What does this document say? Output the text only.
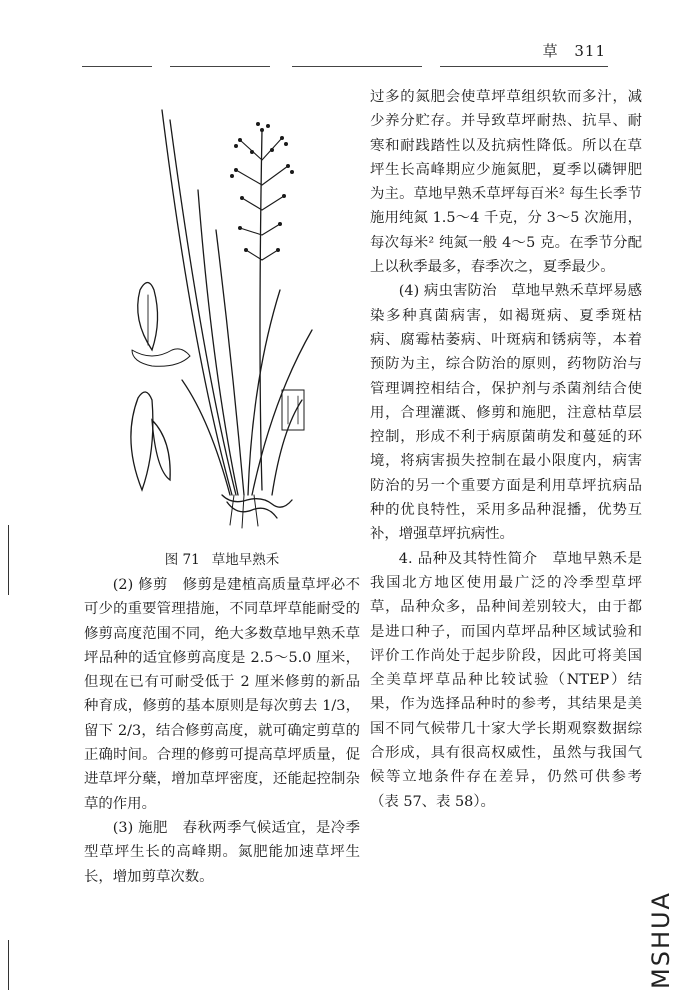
草 311
图 71 草地早熟禾

(2) 修剪　修剪是建植高质量草坪必不可少的重要管理措施，不同草坪草能耐受的修剪高度范围不同，绝大多数草地早熟禾草坪品种的适宜修剪高度是 2.5～5.0 厘米，但现在已有可耐受低于 2 厘米修剪的新品种育成，修剪的基本原则是每次剪去 1/3，留下 2/3，结合修剪高度，就可确定剪草的正确时间。合理的修剪可提高草坪质量，促进草坪分蘖，增加草坪密度，还能起控制杂草的作用。

(3) 施肥　春秋两季气候适宜，是冷季型草坪生长的高峰期。氮肥能加速草坪生长，增加剪草次数。

过多的氮肥会使草坪草组织软而多汁，减少养分贮存。并导致草坪耐热、抗旱、耐寒和耐践踏性以及抗病性降低。所以在草坪生长高峰期应少施氮肥，夏季以磷钾肥为主。草地早熟禾草坪每百米² 每生长季节施用纯氮 1.5～4 千克，分 3～5 次施用，每次每米² 纯氮一般 4～5 克。在季节分配上以秋季最多，春季次之，夏季最少。

(4) 病虫害防治　草地早熟禾草坪易感染多种真菌病害，如褐斑病、夏季斑枯病、腐霉枯萎病、叶斑病和锈病等，本着预防为主，综合防治的原则，药物防治与管理调控相结合，保护剂与杀菌剂结合使用，合理灌溉、修剪和施肥，注意枯草层控制，形成不利于病原菌萌发和蔓延的环境，将病害损失控制在最小限度内，病害防治的另一个重要方面是利用草坪抗病品种的优良特性，采用多品种混播，优势互补，增强草坪抗病性。

4. 品种及其特性简介　草地早熟禾是我国北方地区使用最广泛的冷季型草坪草，品种众多，品种间差别较大，由于都是进口种子，而国内草坪品种区域试验和评价工作尚处于起步阶段，因此可将美国全美草坪草品种比较试验（NTEP）结果，作为选择品种时的参考，其结果是美国不同气候带几十家大学长期观察数据综合形成，具有很高权威性，虽然与我国气候等立地条件存在差异，仍然可供参考（表 57、表 58）。

MSHUA
